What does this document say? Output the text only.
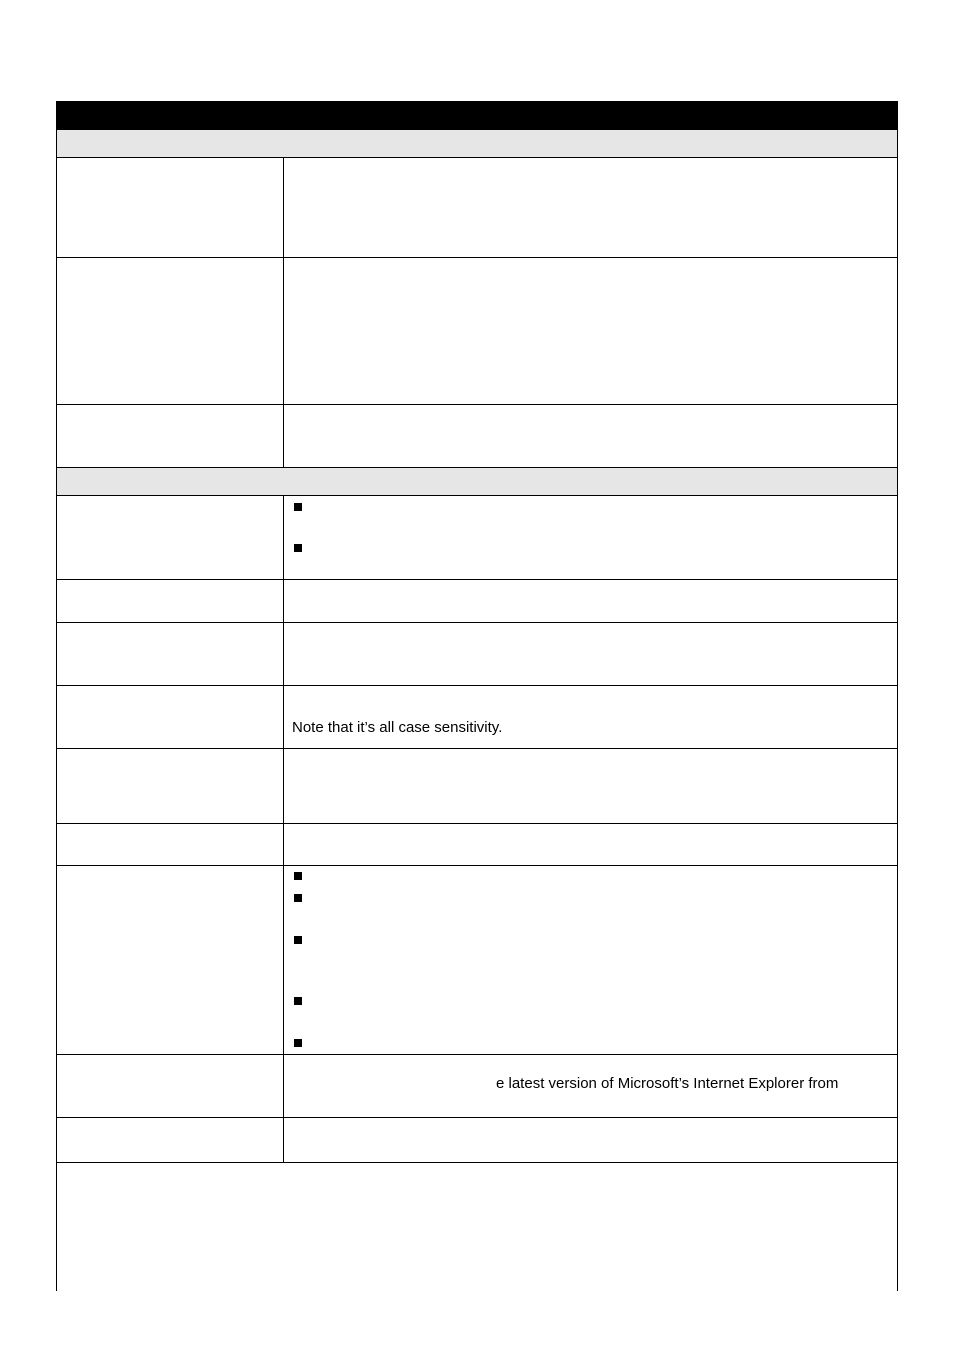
Note that it’s all case sensitivity.
e latest version of Microsoft’s Internet Explorer from
